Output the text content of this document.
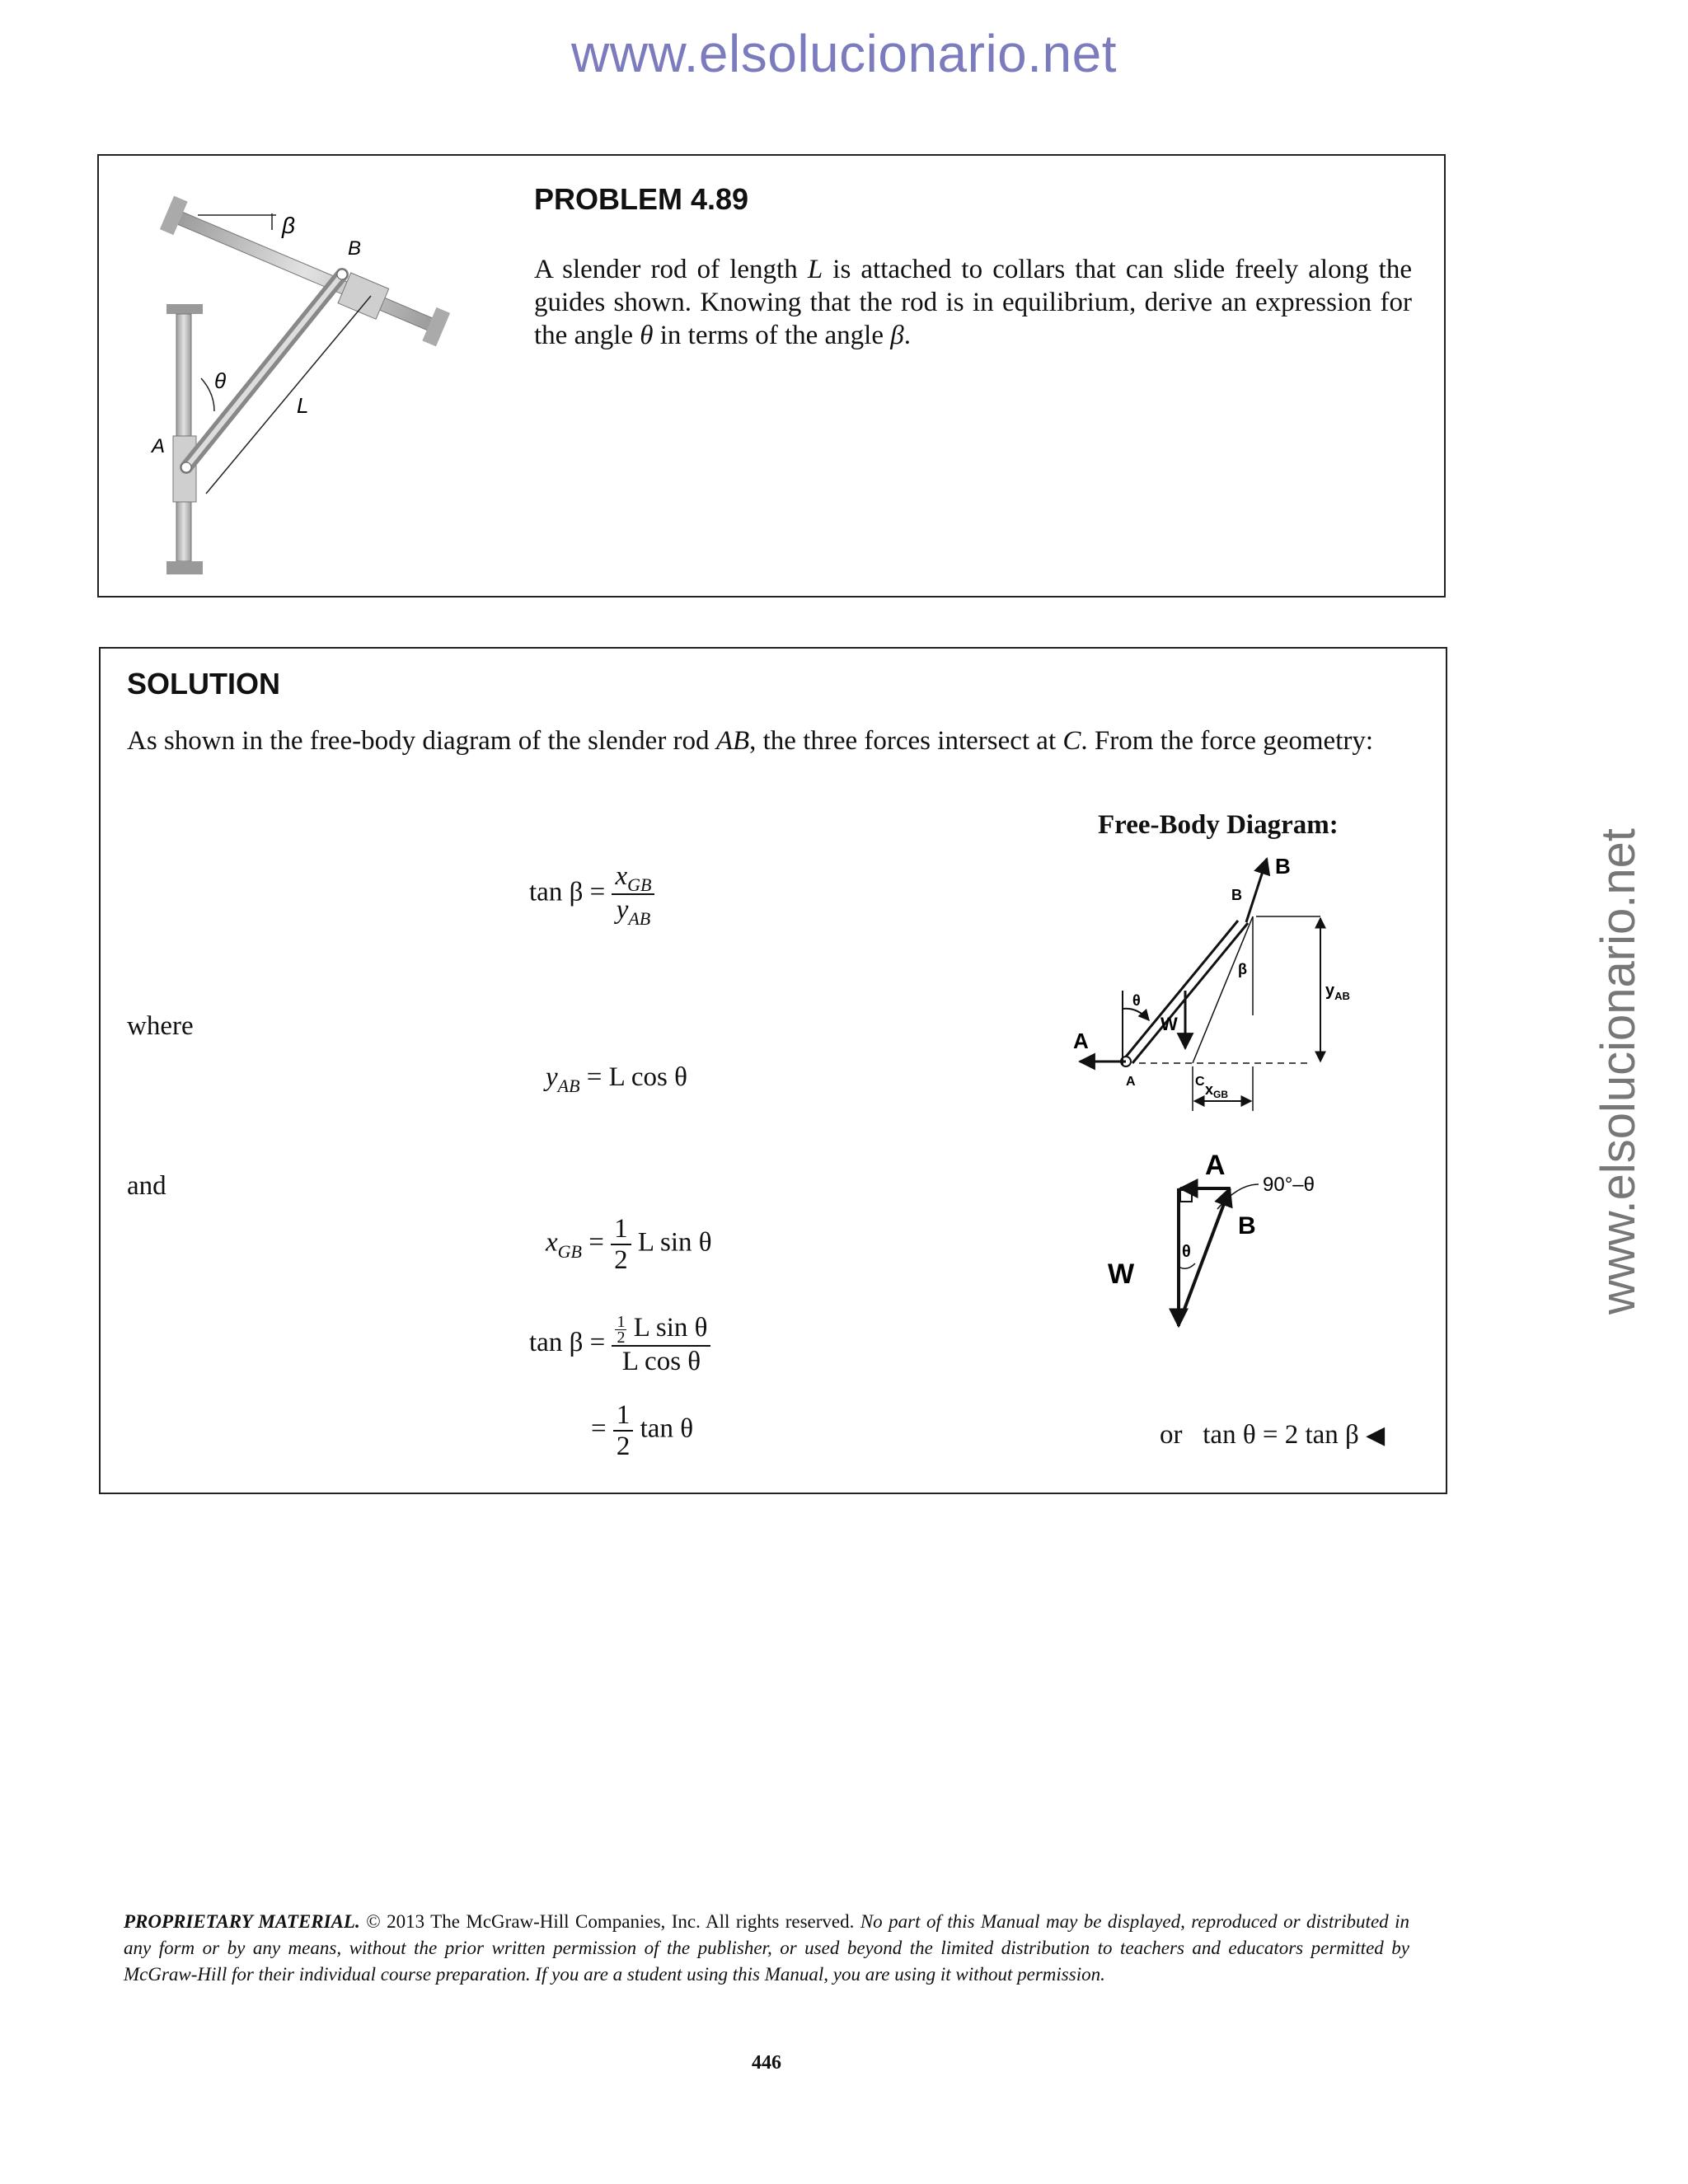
www.elsolucionario.net
www.elsolucionario.net
β
B
θ
L
A
PROBLEM 4.89
A slender rod of length L is attached to collars that can slide freely along the guides shown. Knowing that the rod is in equilibrium, derive an expression for the angle θ in terms of the angle β.
SOLUTION
As shown in the free-body diagram of the slender rod AB, the three forces intersect at C. From the force geometry:
Free-Body Diagram:
$\tan \beta = \frac{x_{GB}}{y_{AB}}$
where
$y_{AB} = L$ cos θ
and
$x_{GB} = \frac{1}{2}$ L sin θ
$\tan \beta = \frac{\frac{1}{2} L \sin \theta}{\text{L cos θ}}$
= $\frac{1}{2}$ tan θ	or tan θ = 2 tan β ◀
B
B
A
A
θ
W
β
C
$y_{AB}$
$x_{GB}$
A
90°–θ
B
W
θ
PROPRIETARY MATERIAL. © 2013 The McGraw-Hill Companies, Inc. All rights reserved. No part of this Manual may be displayed, reproduced or distributed in any form or by any means, without the prior written permission of the publisher, or used beyond the limited distribution to teachers and educators permitted by McGraw-Hill for their individual course preparation. If you are a student using this Manual, you are using it without permission.
446
